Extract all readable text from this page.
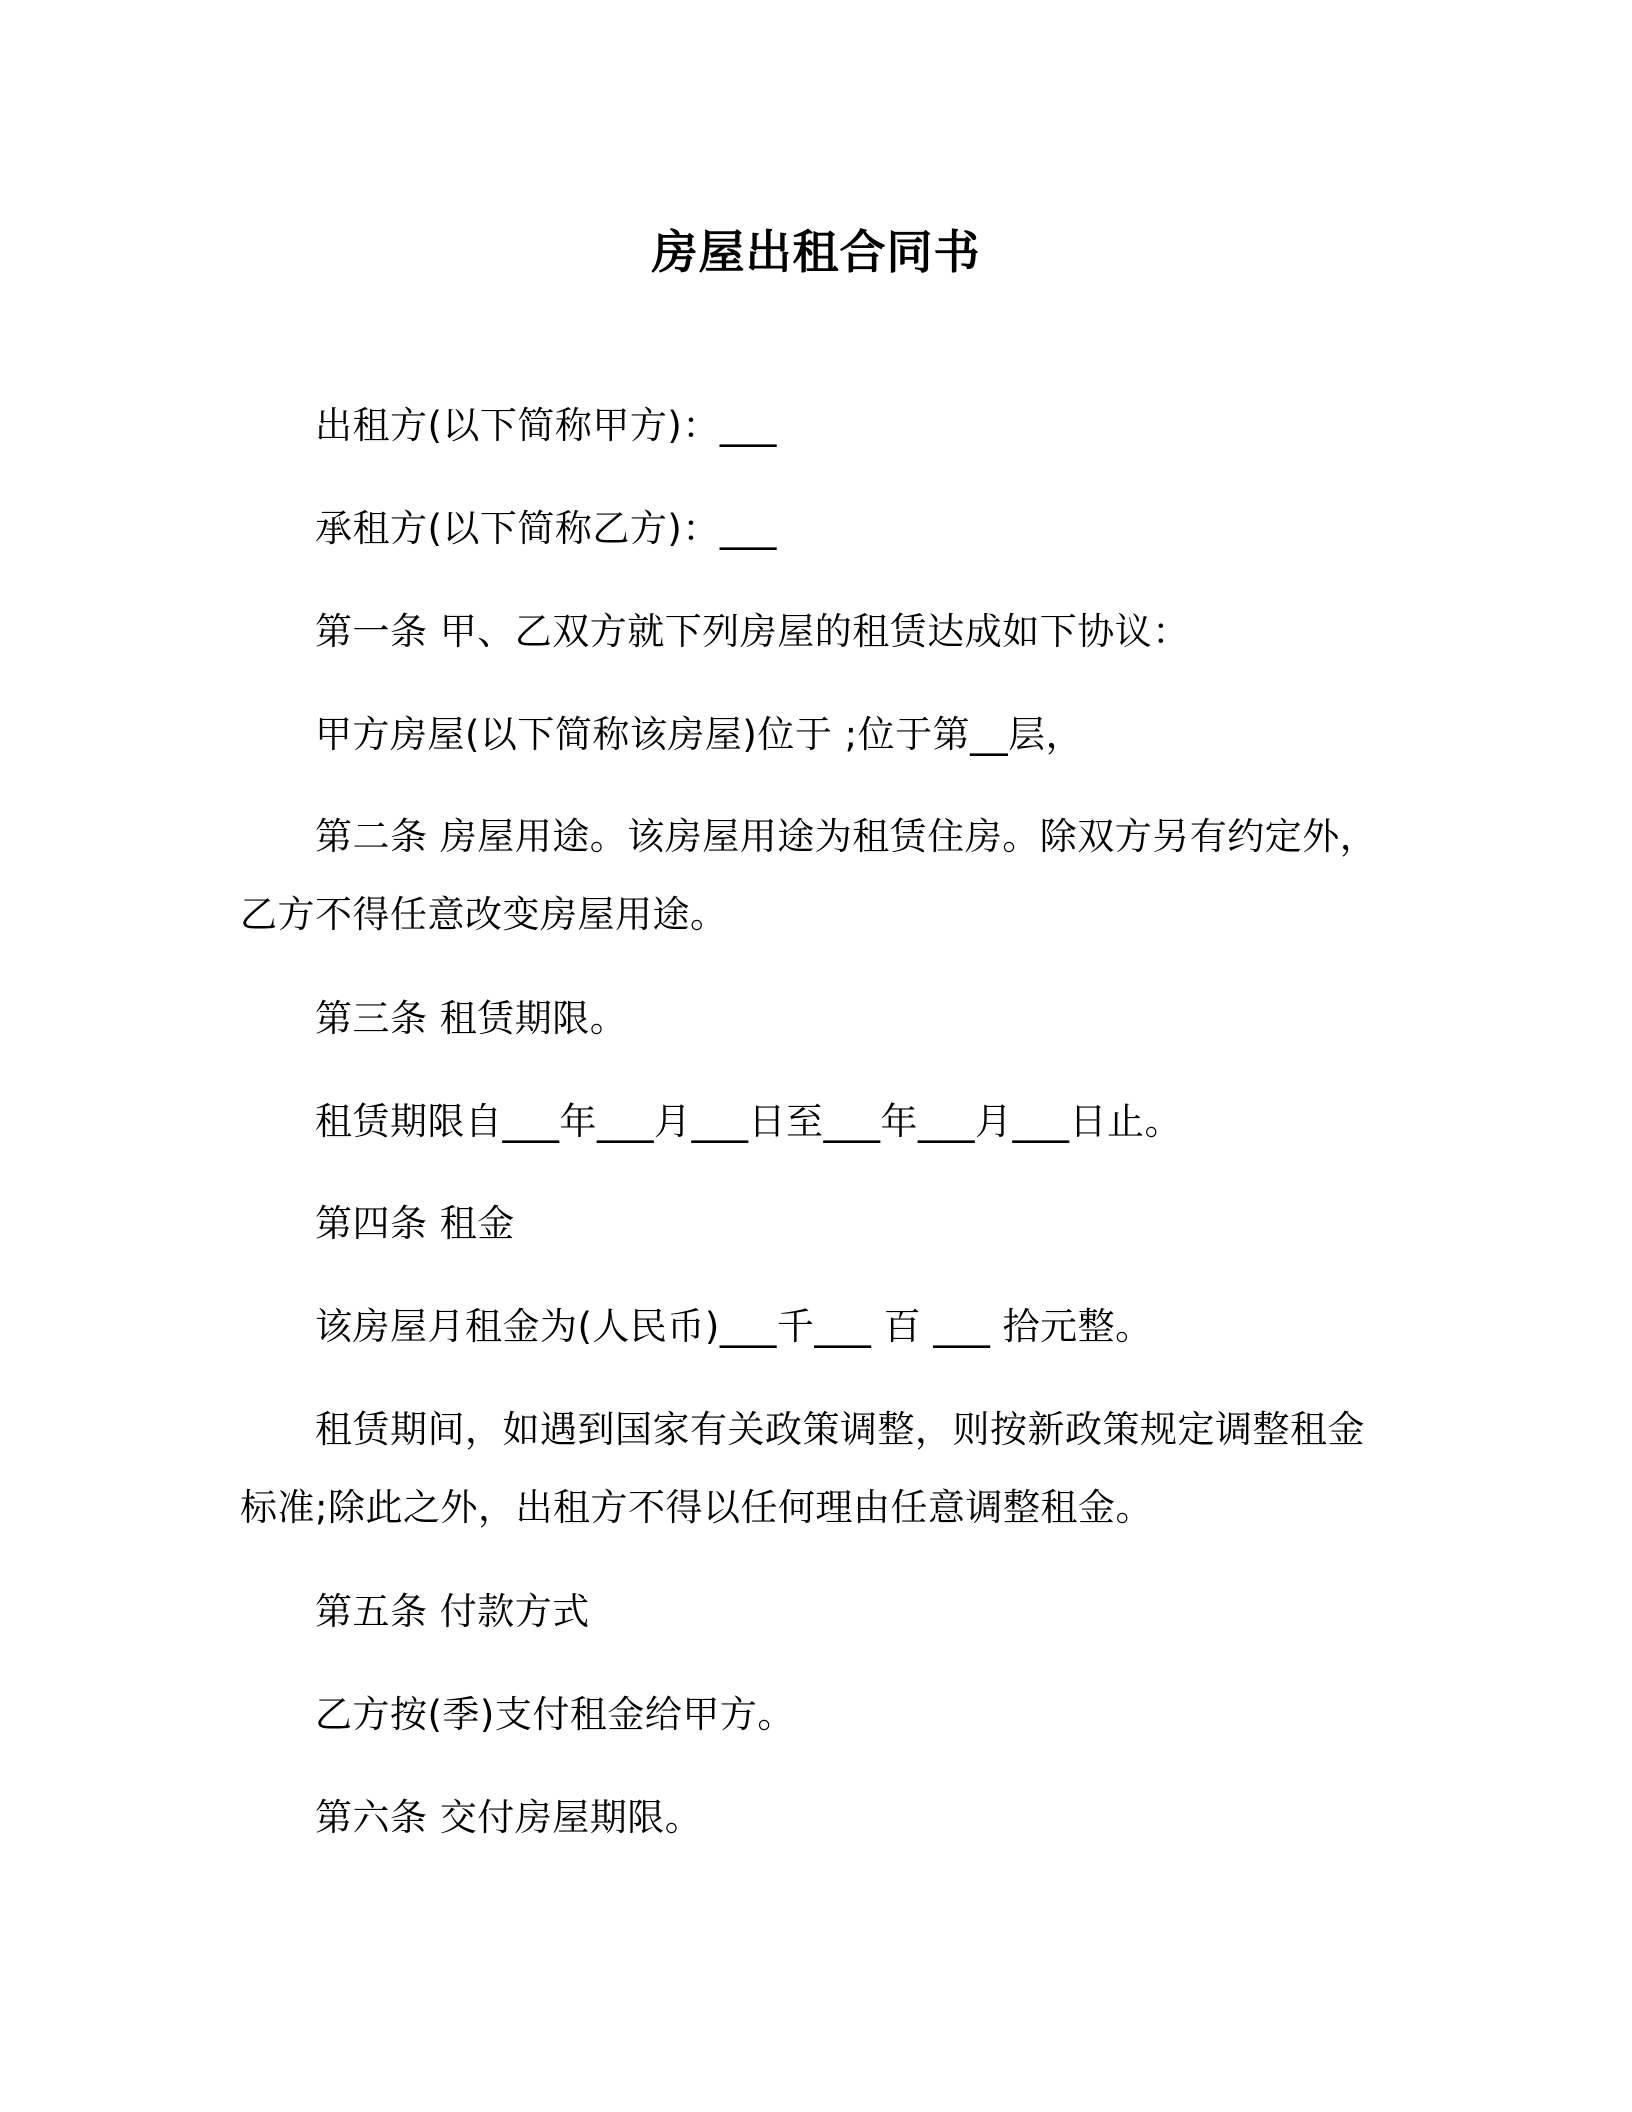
房屋出租合同书
出租方(以下简称甲方)：___
承租方(以下简称乙方)：___
第一条 甲、乙双方就下列房屋的租赁达成如下协议：
甲方房屋(以下简称该房屋)位于 ;位于第__层，
第二条 房屋用途。该房屋用途为租赁住房。除双方另有约定外，
乙方不得任意改变房屋用途。
第三条 租赁期限。
租赁期限自___年___月___日至___年___月___日止。
第四条 租金
该房屋月租金为(人民币)___千___ 百 ___ 拾元整。
租赁期间，如遇到国家有关政策调整，则按新政策规定调整租金
标准;除此之外，出租方不得以任何理由任意调整租金。
第五条 付款方式
乙方按(季)支付租金给甲方。
第六条 交付房屋期限。
